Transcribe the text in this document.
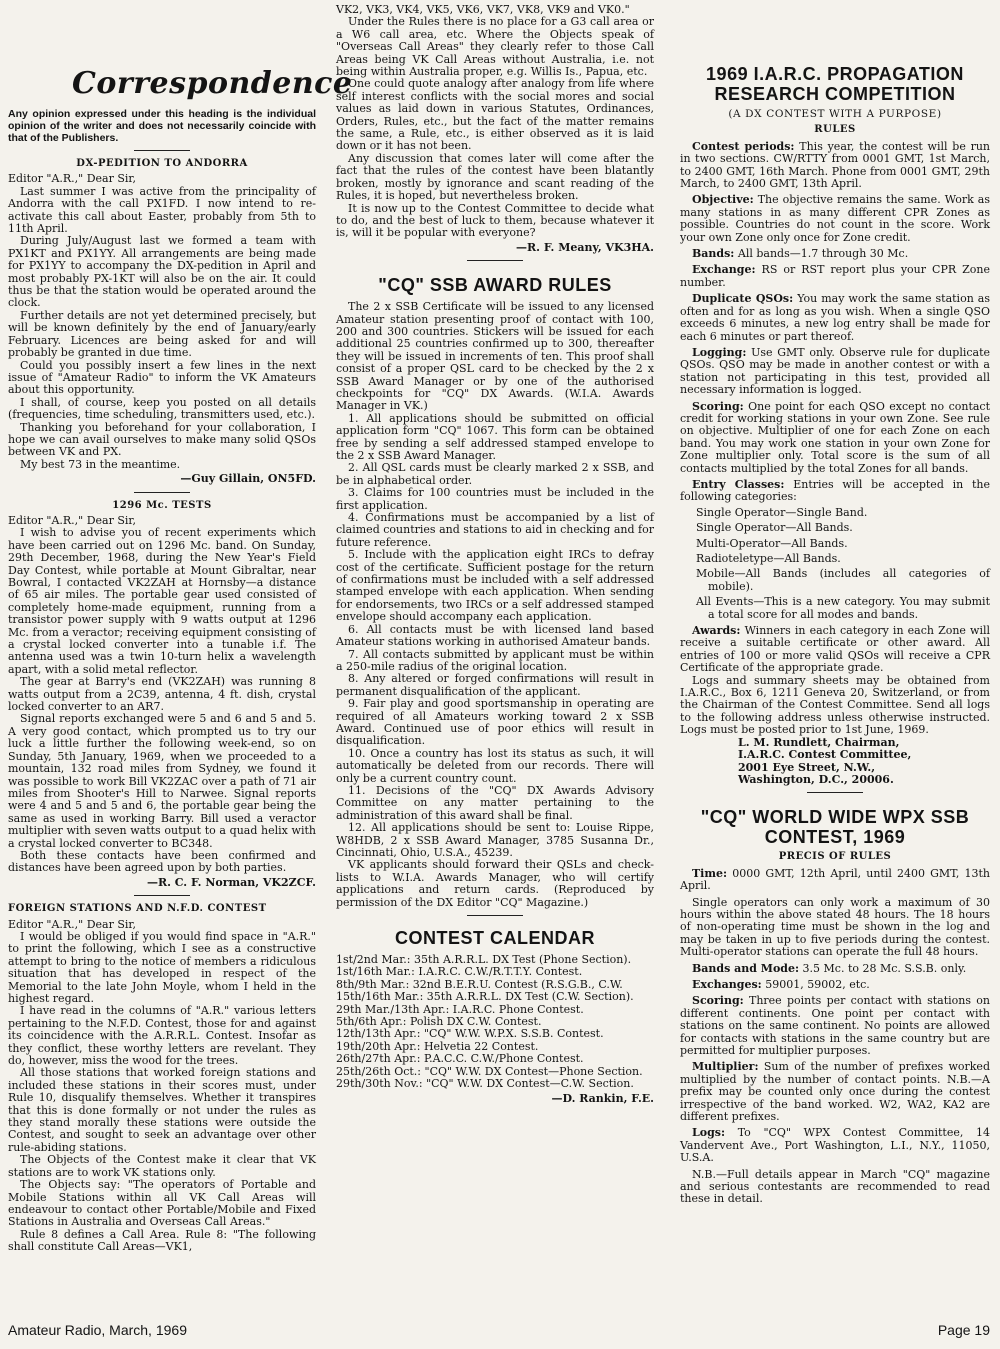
Correspondence

Any opinion expressed under this heading is the individual opinion of the writer and does not necessarily coincide with that of the Publishers.

DX-PEDITION TO ANDORRA

Editor "A.R.," Dear Sir,

Last summer I was active from the principality of Andorra with the call PX1FD. I now intend to re-activate this call about Easter, probably from 5th to 11th April.

During July/August last we formed a team with PX1KT and PX1YY. All arrangements are being made for PX1YY to accompany the DX-pedition in April and most probably PX-1KT will also be on the air. It could thus be that the station would be operated around the clock.

Further details are not yet determined precisely, but will be known definitely by the end of January/early February. Licences are being asked for and will probably be granted in due time.

Could you possibly insert a few lines in the next issue of "Amateur Radio" to inform the VK Amateurs about this opportunity.

I shall, of course, keep you posted on all details (frequencies, time scheduling, transmitters used, etc.).

Thanking you beforehand for your collaboration, I hope we can avail ourselves to make many solid QSOs between VK and PX.

My best 73 in the meantime.

—Guy Gillain, ON5FD.
1296 Mc. TESTS

Editor "A.R.," Dear Sir,

I wish to advise you of recent experiments which have been carried out on 1296 Mc. band. On Sunday, 29th December, 1968, during the New Year's Field Day Contest, while portable at Mount Gibraltar, near Bowral, I contacted VK2ZAH at Hornsby—a distance of 65 air miles. The portable gear used consisted of completely home-made equipment, running from a transistor power supply with 9 watts output at 1296 Mc. from a veractor; receiving equipment consisting of a crystal locked converter into a tunable i.f. The antenna used was a twin 10-turn helix a wavelength apart, with a solid metal reflector.

The gear at Barry's end (VK2ZAH) was running 8 watts output from a 2C39, antenna, 4 ft. dish, crystal locked converter to an AR7.

Signal reports exchanged were 5 and 6 and 5 and 5. A very good contact, which prompted us to try our luck a little further the following week-end, so on Sunday, 5th January, 1969, when we proceeded to a mountain, 132 road miles from Sydney, we found it was possible to work Bill VK2ZAC over a path of 71 air miles from Shooter's Hill to Narwee. Signal reports were 4 and 5 and 5 and 6, the portable gear being the same as used in working Barry. Bill used a veractor multiplier with seven watts output to a quad helix with a crystal locked converter to BC348.

Both these contacts have been confirmed and distances have been agreed upon by both parties.

—R. C. F. Norman, VK2ZCF.
FOREIGN STATIONS AND N.F.D. CONTEST

Editor "A.R.," Dear Sir,

I would be obliged if you would find space in "A.R." to print the following, which I see as a constructive attempt to bring to the notice of members a ridiculous situation that has developed in respect of the Memorial to the late John Moyle, whom I held in the highest regard.

I have read in the columns of "A.R." various letters pertaining to the N.F.D. Contest, those for and against its coincidence with the A.R.R.L. Contest. Insofar as they conflict, these worthy letters are revelant. They do, however, miss the wood for the trees.

All those stations that worked foreign stations and included these stations in their scores must, under Rule 10, disqualify themselves. Whether it transpires that this is done formally or not under the rules as they stand morally these stations were outside the Contest, and sought to seek an advantage over other rule-abiding stations.

The Objects of the Contest make it clear that VK stations are to work VK stations only.

The Objects say: "The operators of Portable and Mobile Stations within all VK Call Areas will endeavour to contact other Portable/Mobile and Fixed Stations in Australia and Overseas Call Areas."

Rule 8 defines a Call Area. Rule 8: "The following shall constitute Call Areas—VK1,

VK2, VK3, VK4, VK5, VK6, VK7, VK8, VK9 and VK0."

Under the Rules there is no place for a G3 call area or a W6 call area, etc. Where the Objects speak of "Overseas Call Areas" they clearly refer to those Call Areas being VK Call Areas without Australia, i.e. not being within Australia proper, e.g. Willis Is., Papua, etc.

One could quote analogy after analogy from life where self interest conflicts with the social mores and social values as laid down in various Statutes, Ordinances, Orders, Rules, etc., but the fact of the matter remains the same, a Rule, etc., is either observed as it is laid down or it has not been.

Any discussion that comes later will come after the fact that the rules of the contest have been blatantly broken, mostly by ignorance and scant reading of the Rules, it is hoped, but nevertheless broken.

It is now up to the Contest Committee to decide what to do, and the best of luck to them, because whatever it is, will it be popular with everyone?

—R. F. Meany, VK3HA.
"CQ" SSB AWARD RULES

The 2 x SSB Certificate will be issued to any licensed Amateur station presenting proof of contact with 100, 200 and 300 countries. Stickers will be issued for each additional 25 countries confirmed up to 300, thereafter they will be issued in increments of ten. This proof shall consist of a proper QSL card to be checked by the 2 x SSB Award Manager or by one of the authorised checkpoints for "CQ" DX Awards. (W.I.A. Awards Manager in VK.)

1. All applications should be submitted on official application form "CQ" 1067. This form can be obtained free by sending a self addressed stamped envelope to the 2 x SSB Award Manager.

2. All QSL cards must be clearly marked 2 x SSB, and be in alphabetical order.

3. Claims for 100 countries must be included in the first application.

4. Confirmations must be accompanied by a list of claimed countries and stations to aid in checking and for future reference.

5. Include with the application eight IRCs to defray cost of the certificate. Sufficient postage for the return of confirmations must be included with a self addressed stamped envelope with each application. When sending for endorsements, two IRCs or a self addressed stamped envelope should accompany each application.

6. All contacts must be with licensed land based Amateur stations working in authorised Amateur bands.

7. All contacts submitted by applicant must be within a 250-mile radius of the original location.

8. Any altered or forged confirmations will result in permanent disqualification of the applicant.

9. Fair play and good sportsmanship in operating are required of all Amateurs working toward 2 x SSB Award. Continued use of poor ethics will result in disqualification.

10. Once a country has lost its status as such, it will automatically be deleted from our records. There will only be a current country count.

11. Decisions of the "CQ" DX Awards Advisory Committee on any matter pertaining to the administration of this award shall be final.

12. All applications should be sent to: Louise Rippe, W8HDB, 2 x SSB Award Manager, 3785 Susanna Dr., Cincinnati, Ohio, U.S.A., 45239.

VK applicants should forward their QSLs and check-lists to W.I.A. Awards Manager, who will certify applications and return cards. (Reproduced by permission of the DX Editor "CQ" Magazine.)

CONTEST CALENDAR

1st/2nd Mar.: 35th A.R.R.L. DX Test (Phone Section).

1st/16th Mar.: I.A.R.C. C.W./R.T.T.Y. Contest.

8th/9th Mar.: 32nd B.E.R.U. Contest (R.S.G.B., C.W.

15th/16th Mar.: 35th A.R.R.L. DX Test (C.W. Section).

29th Mar./13th Apr.: I.A.R.C. Phone Contest.

5th/6th Apr.: Polish DX C.W. Contest.

12th/13th Apr.: "CQ" W.W. W.P.X. S.S.B. Contest.

19th/20th Apr.: Helvetia 22 Contest.

26th/27th Apr.: P.A.C.C. C.W./Phone Contest.

25th/26th Oct.: "CQ" W.W. DX Contest—Phone Section.

29th/30th Nov.: "CQ" W.W. DX Contest—C.W. Section.

—D. Rankin, F.E.
1969 I.A.R.C. PROPAGATION RESEARCH COMPETITION
(A DX CONTEST WITH A PURPOSE)
RULES

Contest periods: This year, the contest will be run in two sections. CW/RTTY from 0001 GMT, 1st March, to 2400 GMT, 16th March. Phone from 0001 GMT, 29th March, to 2400 GMT, 13th April.

Objective: The objective remains the same. Work as many stations in as many different CPR Zones as possible. Countries do not count in the score. Work your own Zone only once for Zone credit.

Bands: All bands—1.7 through 30 Mc.

Exchange: RS or RST report plus your CPR Zone number.

Duplicate QSOs: You may work the same station as often and for as long as you wish. When a single QSO exceeds 6 minutes, a new log entry shall be made for each 6 minutes or part thereof.

Logging: Use GMT only. Observe rule for duplicate QSOs. QSO may be made in another contest or with a station not participating in this test, provided all necessary information is logged.

Scoring: One point for each QSO except no contact credit for working stations in your own Zone. See rule on objective. Multiplier of one for each Zone on each band. You may work one station in your own Zone for Zone multiplier only. Total score is the sum of all contacts multiplied by the total Zones for all bands.

Entry Classes: Entries will be accepted in the following categories:

Single Operator—Single Band.

Single Operator—All Bands.

Multi-Operator—All Bands.

Radioteletype—All Bands.

Mobile—All Bands (includes all categories of mobile).

All Events—This is a new category. You may submit a total score for all modes and bands.

Awards: Winners in each category in each Zone will receive a suitable certificate or other award. All entries of 100 or more valid QSOs will receive a CPR Certificate of the appropriate grade.

Logs and summary sheets may be obtained from I.A.R.C., Box 6, 1211 Geneva 20, Switzerland, or from the Chairman of the Contest Committee. Send all logs to the following address unless otherwise instructed. Logs must be posted prior to 1st June, 1969.

L. M. Rundlett, Chairman,

I.A.R.C. Contest Committee,

2001 Eye Street, N.W.,

Washington, D.C., 20006.

"CQ" WORLD WIDE WPX SSB CONTEST, 1969
PRECIS OF RULES

Time: 0000 GMT, 12th April, until 2400 GMT, 13th April.

Single operators can only work a maximum of 30 hours within the above stated 48 hours. The 18 hours of non-operating time must be shown in the log and may be taken in up to five periods during the contest. Multi-operator stations can operate the full 48 hours.

Bands and Mode: 3.5 Mc. to 28 Mc. S.S.B. only.

Exchanges: 59001, 59002, etc.

Scoring: Three points per contact with stations on different continents. One point per contact with stations on the same continent. No points are allowed for contacts with stations in the same country but are permitted for multiplier purposes.

Multiplier: Sum of the number of prefixes worked multiplied by the number of contact points. N.B.—A prefix may be counted only once during the contest irrespective of the band worked. W2, WA2, KA2 are different prefixes.

Logs: To "CQ" WPX Contest Committee, 14 Vandervent Ave., Port Washington, L.I., N.Y., 11050, U.S.A.

N.B.—Full details appear in March "CQ" magazine and serious contestants are recommended to read these in detail.

Amateur Radio, March, 1969	Page 19
